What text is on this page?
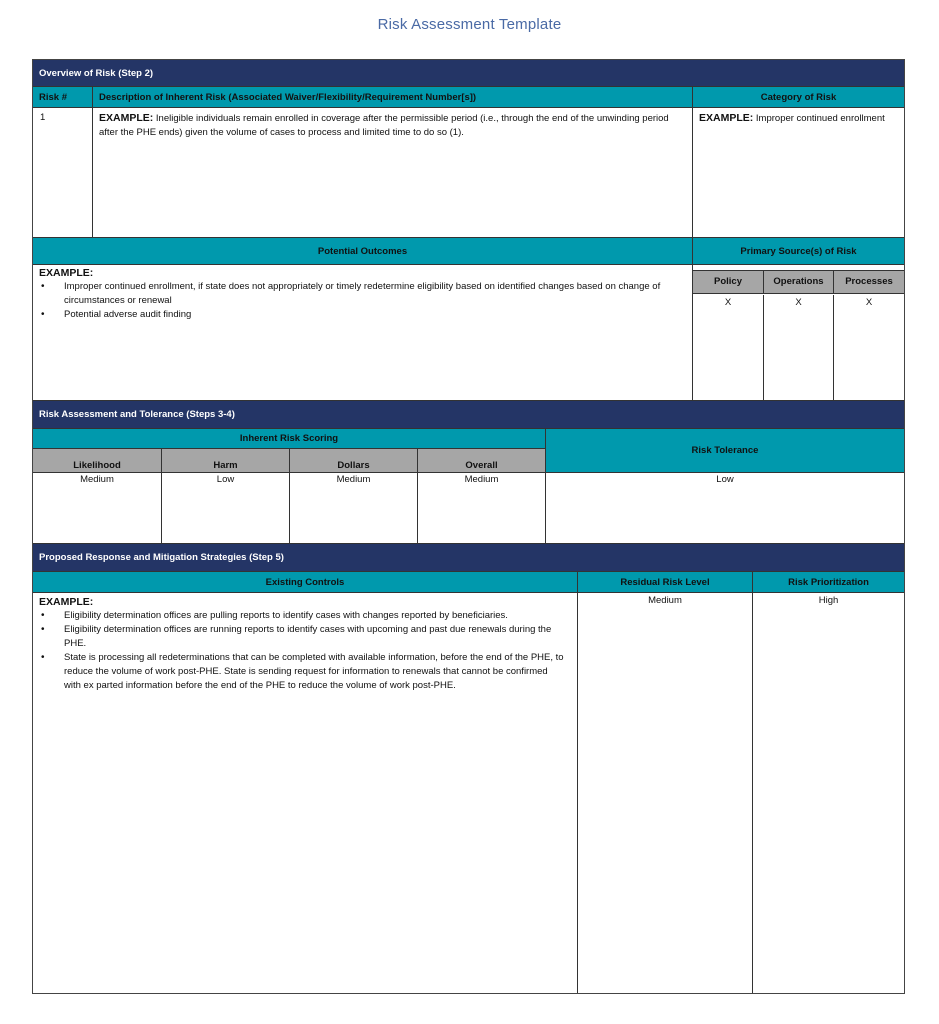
Risk Assessment Template
Overview of Risk (Step 2)
Risk #	Description of Inherent Risk (Associated Waiver/Flexibility/Requirement Number[s])	Category of Risk
1	EXAMPLE: Ineligible individuals remain enrolled in coverage after the permissible period (i.e., through the end of the unwinding period after the PHE ends) given the volume of cases to process and limited time to do so (1).
EXAMPLE: Improper continued enrollment
Potential Outcomes	Primary Source(s) of Risk
EXAMPLE:
• Improper continued enrollment, if state does not appropriately or timely redetermine eligibility based on identified changes based on change of circumstances or renewal
• Potential adverse audit finding
Policy	Operations	Processes
X	X	X
Risk Assessment and Tolerance (Steps 3-4)
Inherent Risk Scoring
Risk Tolerance
Likelihood	Harm	Dollars	Overall
Medium	Low	Medium	Medium	Low
Proposed Response and Mitigation Strategies (Step 5)
Existing Controls	Residual Risk Level	Risk Prioritization
EXAMPLE:
• Eligibility determination offices are pulling reports to identify cases with changes reported by beneficiaries.
• Eligibility determination offices are running reports to identify cases with upcoming and past due renewals during the PHE.
• State is processing all redeterminations that can be completed with available information, before the end of the PHE, to reduce the volume of work post-PHE. State is sending request for information to renewals that cannot be confirmed with ex parted information before the end of the PHE to reduce the volume of work post-PHE.
Medium	High
